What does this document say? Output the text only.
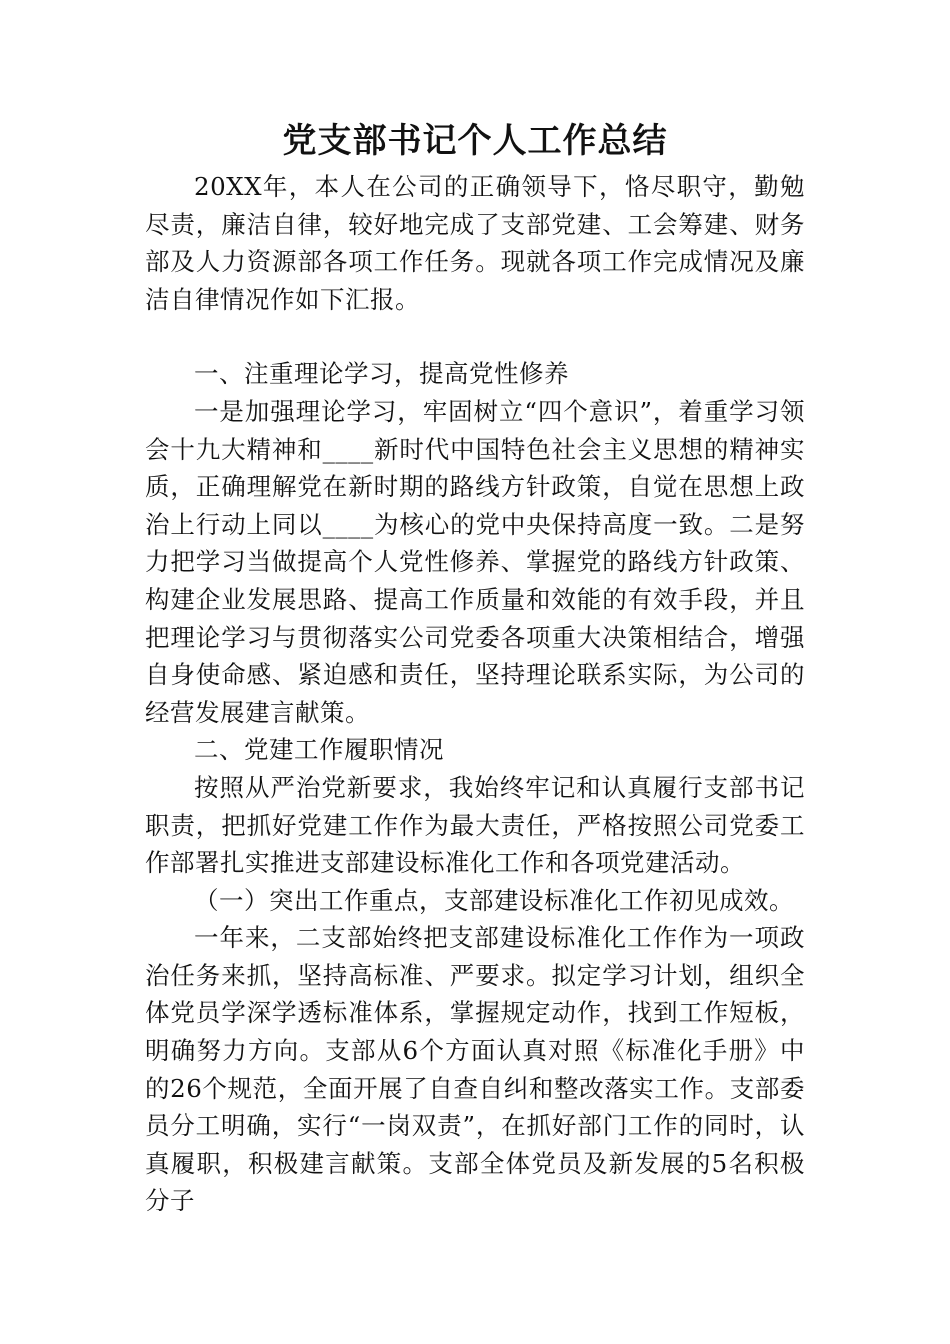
党支部书记个人工作总结

20XX年，本人在公司的正确领导下，恪尽职守，勤勉尽责，廉洁自律，较好地完成了支部党建、工会筹建、财务部及人力资源部各项工作任务。现就各项工作完成情况及廉洁自律情况作如下汇报。

一、注重理论学习，提高党性修养

一是加强理论学习，牢固树立“四个意识”，着重学习领会十九大精神和____新时代中国特色社会主义思想的精神实质，正确理解党在新时期的路线方针政策，自觉在思想上政治上行动上同以____为核心的党中央保持高度一致。二是努力把学习当做提高个人党性修养、掌握党的路线方针政策、构建企业发展思路、提高工作质量和效能的有效手段，并且把理论学习与贯彻落实公司党委各项重大决策相结合，增强自身使命感、紧迫感和责任，坚持理论联系实际，为公司的经营发展建言献策。

二、党建工作履职情况

按照从严治党新要求，我始终牢记和认真履行支部书记职责，把抓好党建工作作为最大责任，严格按照公司党委工作部署扎实推进支部建设标准化工作和各项党建活动。

（一）突出工作重点，支部建设标准化工作初见成效。

一年来，二支部始终把支部建设标准化工作作为一项政治任务来抓，坚持高标准、严要求。拟定学习计划，组织全体党员学深学透标准体系，掌握规定动作，找到工作短板，明确努力方向。支部从6个方面认真对照《标准化手册》中的26个规范，全面开展了自查自纠和整改落实工作。支部委员分工明确，实行“一岗双责”，在抓好部门工作的同时，认真履职，积极建言献策。支部全体党员及新发展的5名积极分子
